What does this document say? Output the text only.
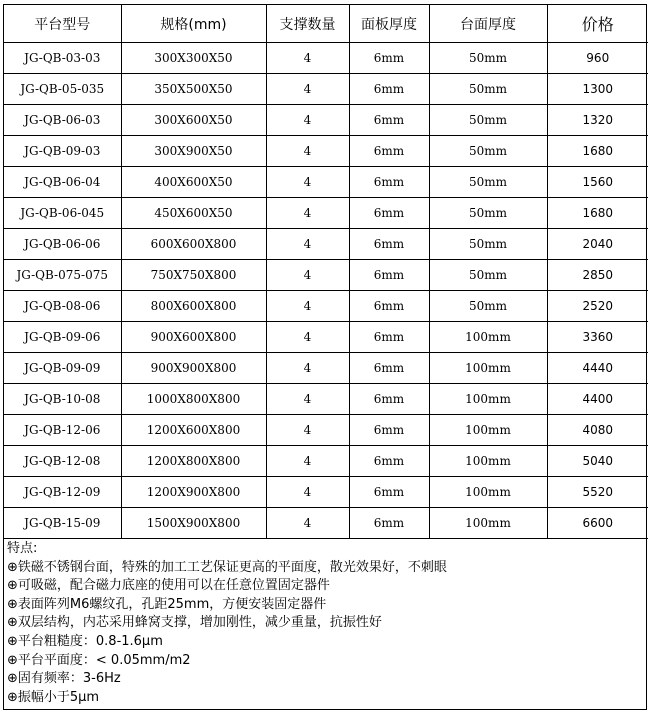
平台型号	规格(mm)	支撑数量	面板厚度	台面厚度	价格
JG-QB-03-03	300X300X50	4	6mm	50mm	960
JG-QB-05-035	350X500X50	4	6mm	50mm	1300
JG-QB-06-03	300X600X50	4	6mm	50mm	1320
JG-QB-09-03	300X900X50	4	6mm	50mm	1680
JG-QB-06-04	400X600X50	4	6mm	50mm	1560
JG-QB-06-045	450X600X50	4	6mm	50mm	1680
JG-QB-06-06	600X600X800	4	6mm	50mm	2040
JG-QB-075-075	750X750X800	4	6mm	50mm	2850
JG-QB-08-06	800X600X800	4	6mm	50mm	2520
JG-QB-09-06	900X600X800	4	6mm	100mm	3360
JG-QB-09-09	900X900X800	4	6mm	100mm	4440
JG-QB-10-08	1000X800X800	4	6mm	100mm	4400
JG-QB-12-06	1200X600X800	4	6mm	100mm	4080
JG-QB-12-08	1200X800X800	4	6mm	100mm	5040
JG-QB-12-09	1200X900X800	4	6mm	100mm	5520
JG-QB-15-09	1500X900X800	4	6mm	100mm	6600
特点:
⊕铁磁不锈钢台面，特殊的加工工艺保证更高的平面度，散光效果好，不刺眼
⊕可吸磁，配合磁力底座的使用可以在任意位置固定器件
⊕表面阵列M6螺纹孔，孔距25mm，方便安装固定器件
⊕双层结构，内芯采用蜂窝支撑，增加刚性，减少重量，抗振性好
⊕平台粗糙度：0.8-1.6μm
⊕平台平面度：< 0.05mm/m2
⊕固有频率：3-6Hz
⊕振幅小于5μm
